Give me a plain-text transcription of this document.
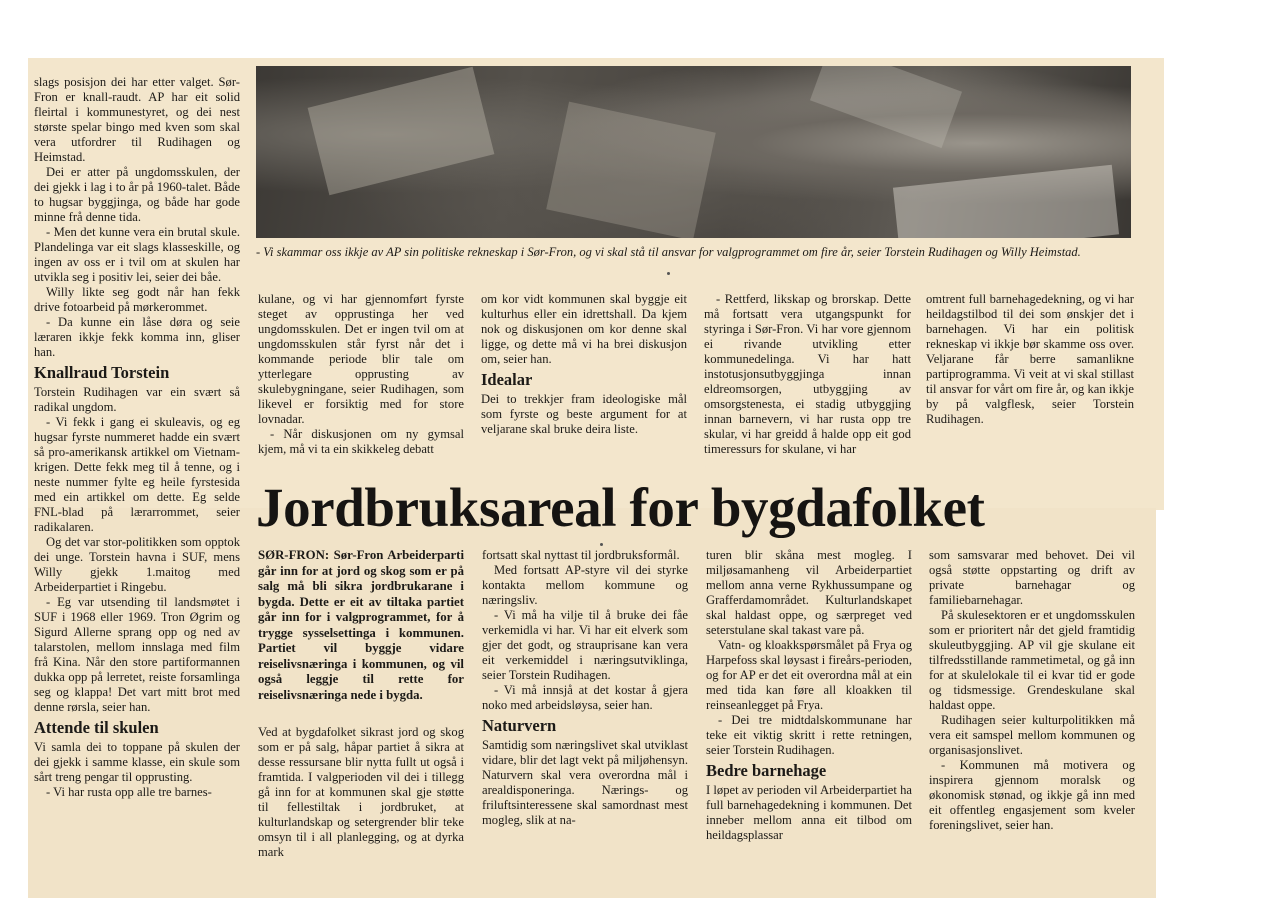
- Vi skammar oss ikkje av AP sin politiske rekneskap i Sør-Fron, og vi skal stå til ansvar for valgprogrammet om fire år, seier Torstein Rudihagen og Willy Heimstad.

slags posisjon dei har etter valget. Sør-Fron er knall-raudt. AP har eit solid fleirtal i kommunestyret, og dei nest største spelar bingo med kven som skal vera utfordrer til Rudihagen og Heimstad.

Dei er atter på ungdomsskulen, der dei gjekk i lag i to år på 1960-talet. Både to hugsar byggjinga, og både har gode minne frå denne tida.

- Men det kunne vera ein brutal skule. Plandelinga var eit slags klasseskille, og ingen av oss er i tvil om at skulen har utvikla seg i positiv lei, seier dei båe.

Willy likte seg godt når han fekk drive fotoarbeid på mørkerommet.

- Da kunne ein låse døra og seie læraren ikkje fekk komma inn, gliser han.

Knallraud Torstein

Torstein Rudihagen var ein svært så radikal ungdom.

- Vi fekk i gang ei skuleavis, og eg hugsar fyrste nummeret hadde ein svært så pro-amerikansk artikkel om Vietnam-krigen. Dette fekk meg til å tenne, og i neste nummer fylte eg heile fyrstesida med ein artikkel om dette. Eg selde FNL-blad på lærarrommet, seier radikalaren.

Og det var stor-politikken som opptok dei unge. Torstein havna i SUF, mens Willy gjekk 1.maitog med Arbeiderpartiet i Ringebu.

- Eg var utsending til landsmøtet i SUF i 1968 eller 1969. Tron Øgrim og Sigurd Allerne sprang opp og ned av talarstolen, mellom innslaga med film frå Kina. Når den store partiformannen dukka opp på lerretet, reiste forsamlinga seg og klappa! Det vart mitt brot med denne rørsla, seier han.

Attende til skulen

Vi samla dei to toppane på skulen der dei gjekk i samme klasse, ein skule som sårt treng pengar til opprusting.

- Vi har rusta opp alle tre barnes-

kulane, og vi har gjennomført fyrste steget av opprustinga her ved ungdomsskulen. Det er ingen tvil om at ungdomsskulen står fyrst når det i kommande periode blir tale om ytterlegare opprusting av skulebygningane, seier Rudihagen, som likevel er forsiktig med for store lovnadar.

- Når diskusjonen om ny gymsal kjem, må vi ta ein skikkeleg debatt

om kor vidt kommunen skal byggje eit kulturhus eller ein idrettshall. Da kjem nok og diskusjonen om kor denne skal ligge, og dette må vi ha brei diskusjon om, seier han.

Idealar

Dei to trekkjer fram ideologiske mål som fyrste og beste argument for at veljarane skal bruke deira liste.

- Rettferd, likskap og brorskap. Dette må fortsatt vera utgangspunkt for styringa i Sør-Fron. Vi har vore gjennom ei rivande utvikling etter kommunedelinga. Vi har hatt instotusjonsutbyggjinga innan eldreomsorgen, utbyggjing av omsorgstenesta, ei stadig utbyggjing innan barnevern, vi har rusta opp tre skular, vi har greidd å halde opp eit god timeressurs for skulane, vi har

omtrent full barnehagedekning, og vi har heildagstilbod til dei som ønskjer det i barnehagen. Vi har ein politisk rekneskap vi ikkje bør skamme oss over. Veljarane får berre samanlikne partiprogramma. Vi veit at vi skal stillast til ansvar for vårt om fire år, og kan ikkje by på valgflesk, seier Torstein Rudihagen.

Jordbruksareal for bygdafolket

SØR-FRON: Sør-Fron Arbeiderparti går inn for at jord og skog som er på salg må bli sikra jordbrukarane i bygda. Dette er eit av tiltaka partiet går inn for i valgprogrammet, for å trygge sysselsettinga i kommunen. Partiet vil byggje vidare reiselivsnæringa i kommunen, og vil også leggje til rette for reiselivsnæringa nede i bygda.

Ved at bygdafolket sikrast jord og skog som er på salg, håpar partiet å sikra at desse ressursane blir nytta fullt ut også i framtida. I valgperioden vil dei i tillegg gå inn for at kommunen skal gje støtte til fellestiltak i jordbruket, at kulturlandskap og setergrender blir teke omsyn til i all planlegging, og at dyrka mark

fortsatt skal nyttast til jordbruksformål.

Med fortsatt AP-styre vil dei styrke kontakta mellom kommune og næringsliv.

- Vi må ha vilje til å bruke dei fåe verkemidla vi har. Vi har eit elverk som gjer det godt, og strauprisane kan vera eit verkemiddel i næringsutviklinga, seier Torstein Rudihagen.

- Vi må innsjå at det kostar å gjera noko med arbeidsløysa, seier han.

Naturvern

Samtidig som næringslivet skal utviklast vidare, blir det lagt vekt på miljøhensyn. Naturvern skal vera overordna mål i arealdisponeringa. Nærings- og friluftsinteressene skal samordnast mest mogleg, slik at na-

turen blir skåna mest mogleg. I miljøsamanheng vil Arbeiderpartiet mellom anna verne Rykhussumpane og Grafferdamområdet. Kulturlandskapet skal haldast oppe, og særpreget ved seterstulane skal takast vare på.

Vatn- og kloakkspørsmålet på Frya og Harpefoss skal løysast i fireårs-perioden, og for AP er det eit overordna mål at ein med tida kan føre all kloakken til reinseanlegget på Frya.

- Dei tre midtdalskommunane har teke eit viktig skritt i rette retningen, seier Torstein Rudihagen.

Bedre barnehage

I løpet av perioden vil Arbeiderpartiet ha full barnehagedekning i kommunen. Det inneber mellom anna eit tilbod om heildagsplassar

som samsvarar med behovet. Dei vil også støtte oppstarting og drift av private barnehagar og familiebarnehagar.

På skulesektoren er et ungdomsskulen som er prioritert når det gjeld framtidig skuleutbyggjing. AP vil gje skulane eit tilfredsstillande rammetimetal, og gå inn for at skulelokale til ei kvar tid er gode og tidsmessige. Grendeskulane skal haldast oppe.

Rudihagen seier kulturpolitikken må vera eit samspel mellom kommunen og organisasjonslivet.

- Kommunen må motivera og inspirera gjennom moralsk og økonomisk stønad, og ikkje gå inn med eit offentleg engasjement som kveler foreningslivet, seier han.
